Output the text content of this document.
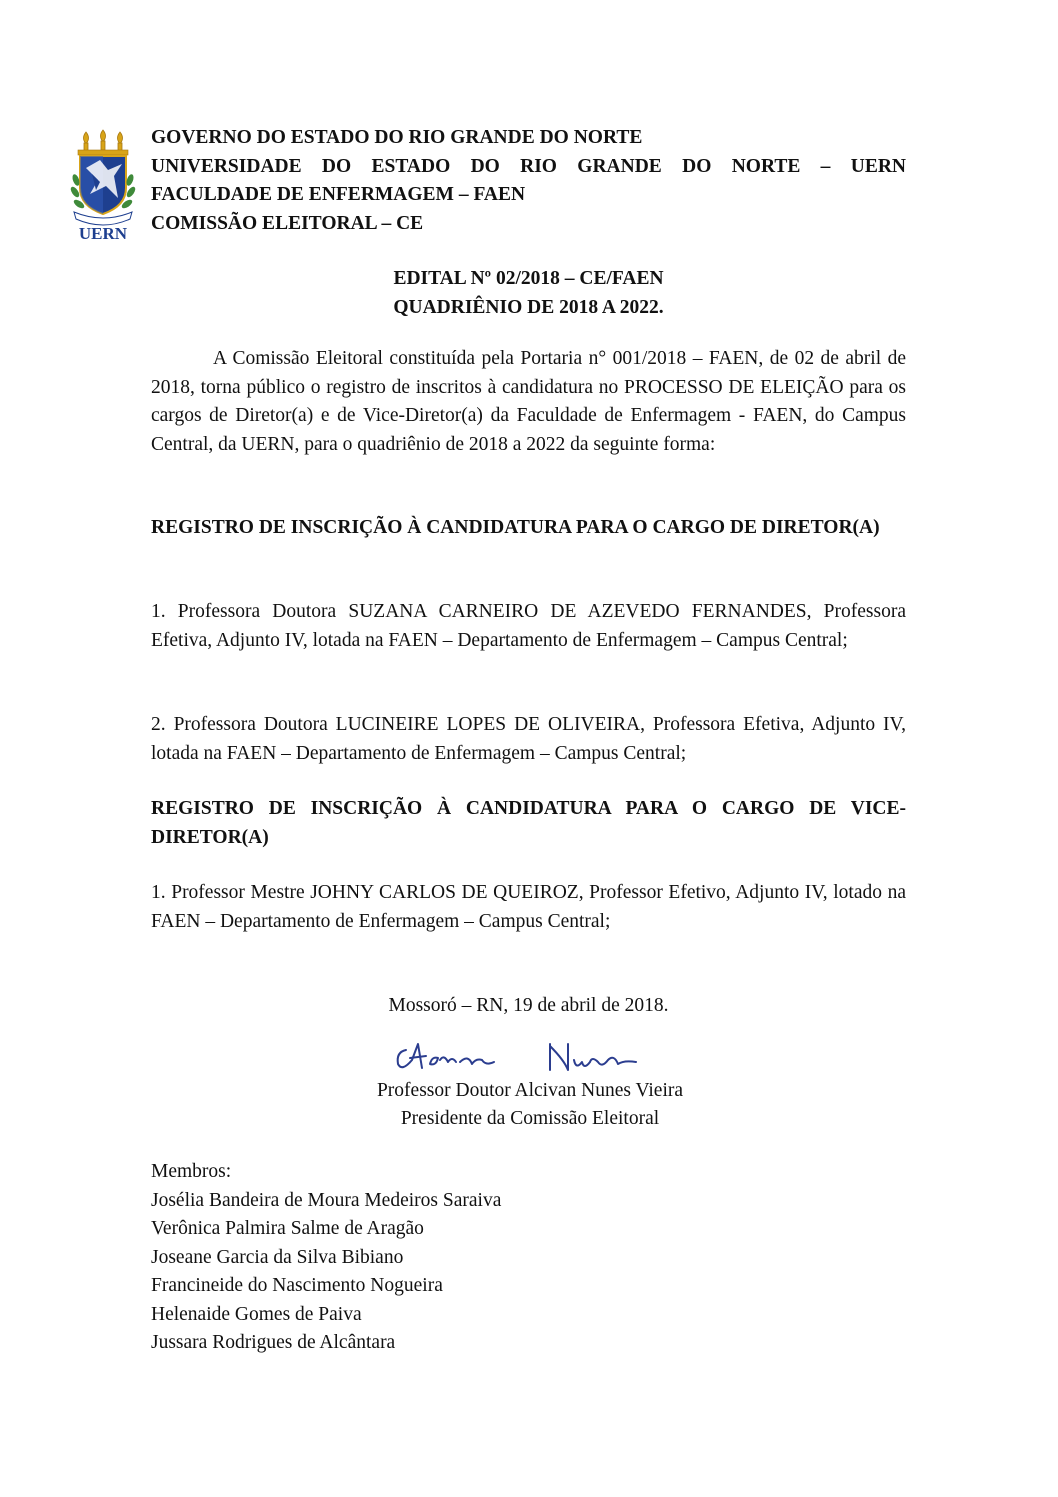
UERN
GOVERNO DO ESTADO DO RIO GRANDE DO NORTE
UNIVERSIDADE DO ESTADO DO RIO GRANDE DO NORTE – UERN
FACULDADE DE ENFERMAGEM – FAEN
COMISSÃO ELEITORAL – CE
EDITAL Nº 02/2018 – CE/FAEN
QUADRIÊNIO DE 2018 A 2022.
A Comissão Eleitoral constituída pela Portaria n° 001/2018 – FAEN, de 02 de abril de 2018, torna público o registro de inscritos à candidatura no PROCESSO DE ELEIÇÃO para os cargos de Diretor(a) e de Vice-Diretor(a) da Faculdade de Enfermagem - FAEN, do Campus Central, da UERN, para o quadriênio de 2018 a 2022 da seguinte forma:
REGISTRO DE INSCRIÇÃO À CANDIDATURA PARA O CARGO DE DIRETOR(A)
1. Professora Doutora SUZANA CARNEIRO DE AZEVEDO FERNANDES, Professora Efetiva, Adjunto IV, lotada na FAEN – Departamento de Enfermagem – Campus Central;
2. Professora Doutora LUCINEIRE LOPES DE OLIVEIRA, Professora Efetiva, Adjunto IV, lotada na FAEN – Departamento de Enfermagem – Campus Central;
REGISTRO DE INSCRIÇÃO À CANDIDATURA PARA O CARGO DE VICE-DIRETOR(A)
1. Professor Mestre JOHNY CARLOS DE QUEIROZ, Professor Efetivo, Adjunto IV, lotado na FAEN – Departamento de Enfermagem – Campus Central;
Mossoró – RN, 19 de abril de 2018.
Professor Doutor Alcivan Nunes Vieira
Presidente da Comissão Eleitoral
Membros:
Josélia Bandeira de Moura Medeiros Saraiva
Verônica Palmira Salme de Aragão
Joseane Garcia da Silva Bibiano
Francineide do Nascimento Nogueira
Helenaide Gomes de Paiva
Jussara Rodrigues de Alcântara
